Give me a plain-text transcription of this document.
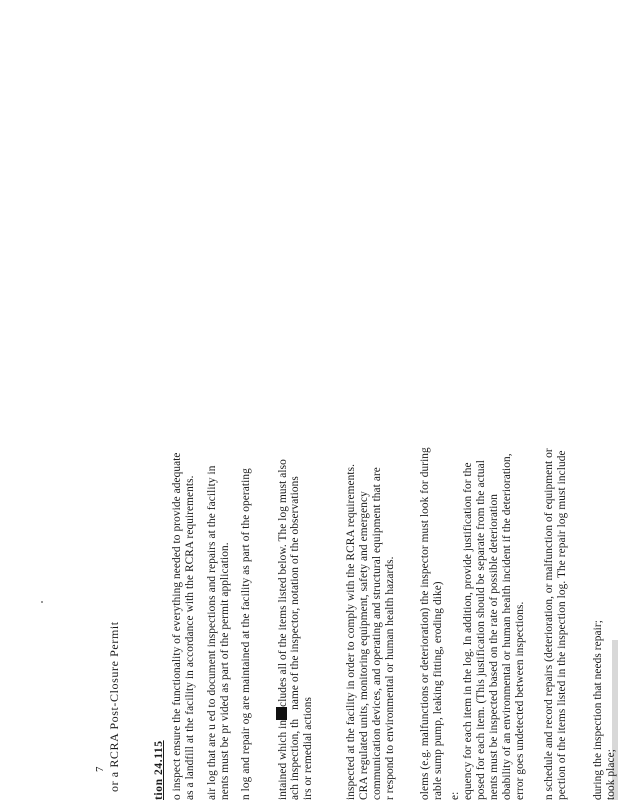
7 or a RCRA Post-Closure Permit	tion 24.115 o inspect ensure the functionality of everything needed to provide adequate as a landfill at the facility in accordance with the RCRA requirements. air log that are u ed to document inspections and repairs at the facility in nents must be pr vided as part of the permit application. n log and repair og are maintained at the facility as part of the operating intained which includes all of the items listed below. The log must also
ach inspection, thname of the inspector, notation of the observations
irs or remedial actions	inspected at the facility in order to comply with the RCRA requirements. CRA regulated units, monitoring equipment, safety and emergency communication devices, and operating and structural equipment that are r respond to environmental or human health hazards. olems (e.g. malfunctions or deterioration) the inspector must look for during rable sump pump, leaking fitting, eroding dike) e: equency for each item in the log. In addition, provide justification for the posed for each item. (This justification should be separate from the actual nents must be inspected based on the rate of possible deterioration obability of an environmental or human health incident if the deterioration, error goes undetected between inspections. n schedule and record repairs (deterioration, or malfunction of equipment or pection of the items listed in the inspection log. The repair log must include during the inspection that needs repair; took place;
